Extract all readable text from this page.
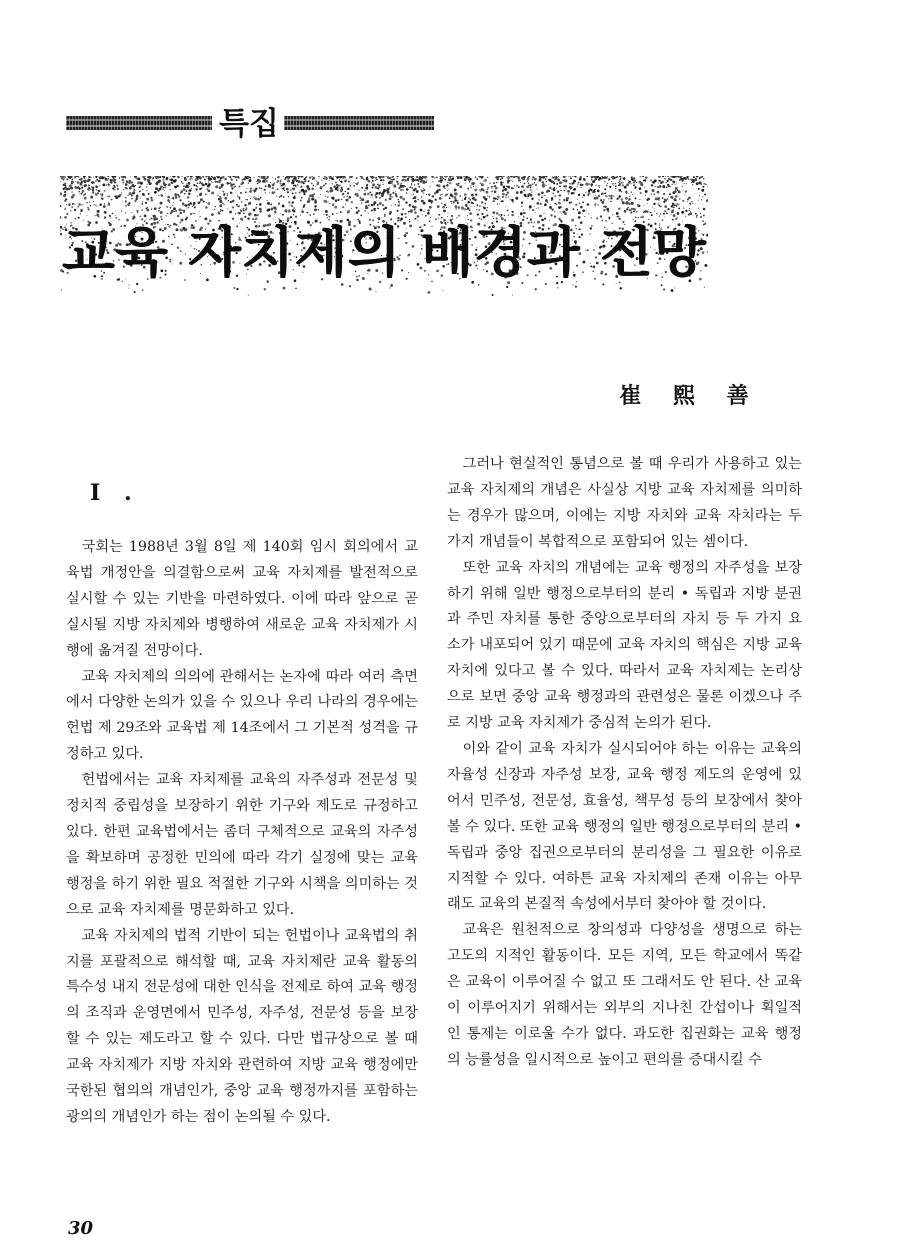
특집
교육 자치제의 배경과 전망
崔 熙 善
I .

국회는 1988년 3월 8일 제 140회 임시 회의에서 교육법 개정안을 의결함으로써 교육 자치제를 발전적으로 실시할 수 있는 기반을 마련하였다. 이에 따라 앞으로 곧 실시될 지방 자치제와 병행하여 새로운 교육 자치제가 시행에 옮겨질 전망이다.

교육 자치제의 의의에 관해서는 논자에 따라 여러 측면에서 다양한 논의가 있을 수 있으나 우리 나라의 경우에는 헌법 제 29조와 교육법 제 14조에서 그 기본적 성격을 규정하고 있다.

헌법에서는 교육 자치제를 교육의 자주성과 전문성 및 정치적 중립성을 보장하기 위한 기구와 제도로 규정하고 있다. 한편 교육법에서는 좀더 구체적으로 교육의 자주성을 확보하며 공정한 민의에 따라 각기 실정에 맞는 교육 행정을 하기 위한 필요 적절한 기구와 시책을 의미하는 것으로 교육 자치제를 명문화하고 있다.

교육 자치제의 법적 기반이 되는 헌법이나 교육법의 취지를 포괄적으로 해석할 때, 교육 자치제란 교육 활동의 특수성 내지 전문성에 대한 인식을 전제로 하여 교육 행정의 조직과 운영면에서 민주성, 자주성, 전문성 등을 보장할 수 있는 제도라고 할 수 있다. 다만 법규상으로 볼 때 교육 자치제가 지방 자치와 관련하여 지방 교육 행정에만 국한된 협의의 개념인가, 중앙 교육 행정까지를 포함하는 광의의 개념인가 하는 점이 논의될 수 있다.

그러나 현실적인 통념으로 볼 때 우리가 사용하고 있는 교육 자치제의 개념은 사실상 지방 교육 자치제를 의미하는 경우가 많으며, 이에는 지방 자치와 교육 자치라는 두 가지 개념들이 복합적으로 포함되어 있는 셈이다.

또한 교육 자치의 개념에는 교육 행정의 자주성을 보장하기 위해 일반 행정으로부터의 분리 • 독립과 지방 분권과 주민 자치를 통한 중앙으로부터의 자치 등 두 가지 요소가 내포되어 있기 때문에 교육 자치의 핵심은 지방 교육 자치에 있다고 볼 수 있다. 따라서 교육 자치제는 논리상으로 보면 중앙 교육 행정과의 관련성은 물론 이겠으나 주로 지방 교육 자치제가 중심적 논의가 된다.

이와 같이 교육 자치가 실시되어야 하는 이유는 교육의 자율성 신장과 자주성 보장, 교육 행정 제도의 운영에 있어서 민주성, 전문성, 효율성, 책무성 등의 보장에서 찾아 볼 수 있다. 또한 교육 행정의 일반 행정으로부터의 분리 • 독립과 중앙 집권으로부터의 분리성을 그 필요한 이유로 지적할 수 있다. 여하튼 교육 자치제의 존재 이유는 아무래도 교육의 본질적 속성에서부터 찾아야 할 것이다.

교육은 원천적으로 창의성과 다양성을 생명으로 하는 고도의 지적인 활동이다. 모든 지역, 모든 학교에서 똑같은 교육이 이루어질 수 없고 또 그래서도 안 된다. 산 교육이 이루어지기 위해서는 외부의 지나친 간섭이나 획일적인 통제는 이로울 수가 없다. 과도한 집권화는 교육 행정의 능률성을 일시적으로 높이고 편의를 증대시킬 수

30
